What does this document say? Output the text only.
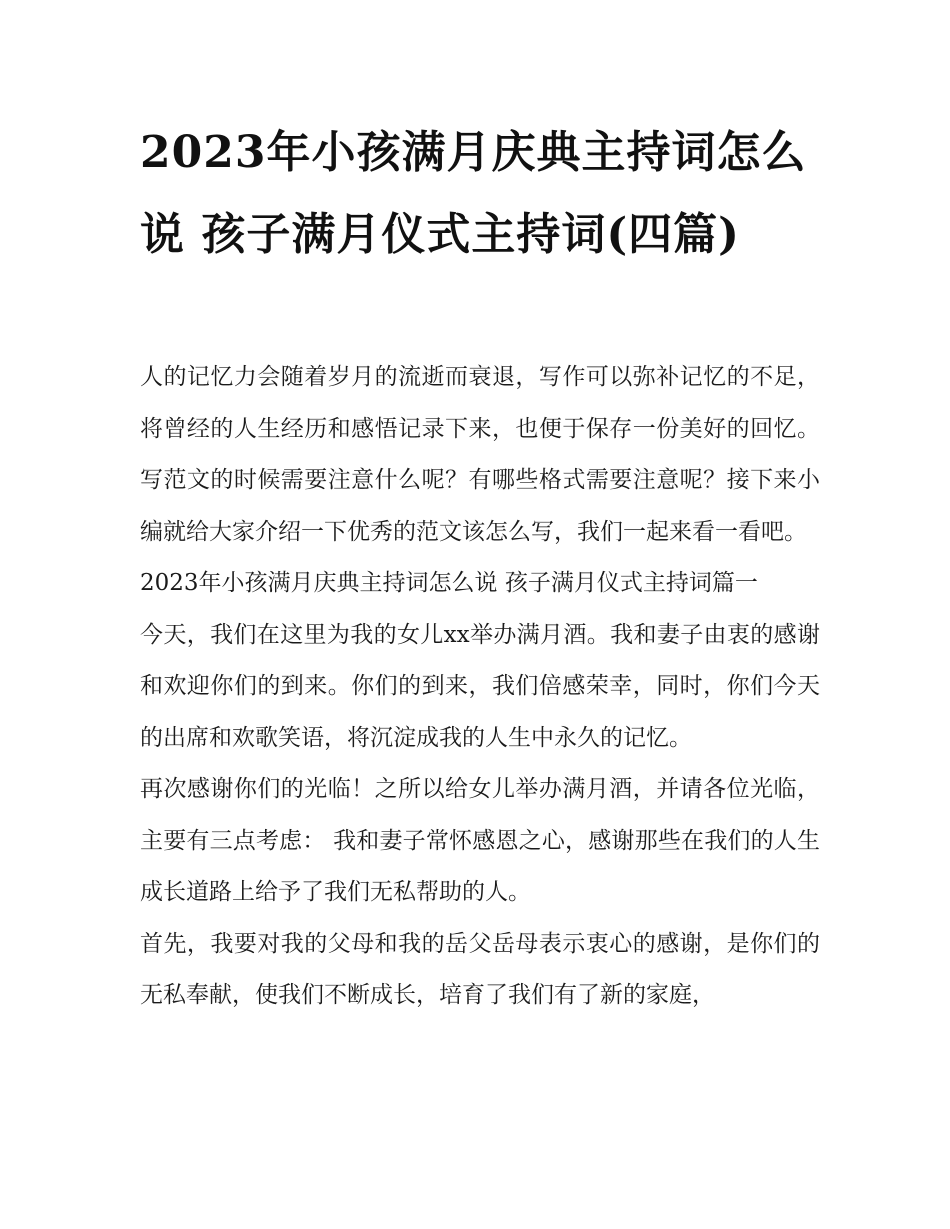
2023年小孩满月庆典主持词怎么说 孩子满月仪式主持词(四篇)

人的记忆力会随着岁月的流逝而衰退，写作可以弥补记忆的不足，将曾经的人生经历和感悟记录下来，也便于保存一份美好的回忆。写范文的时候需要注意什么呢？有哪些格式需要注意呢？接下来小编就给大家介绍一下优秀的范文该怎么写，我们一起来看一看吧。

2023年小孩满月庆典主持词怎么说 孩子满月仪式主持词篇一

今天，我们在这里为我的女儿xx举办满月酒。我和妻子由衷的感谢和欢迎你们的到来。你们的到来，我们倍感荣幸，同时，你们今天的出席和欢歌笑语，将沉淀成我的人生中永久的记忆。

再次感谢你们的光临！之所以给女儿举办满月酒，并请各位光临，主要有三点考虑： 我和妻子常怀感恩之心，感谢那些在我们的人生成长道路上给予了我们无私帮助的人。

首先，我要对我的父母和我的岳父岳母表示衷心的感谢，是你们的无私奉献，使我们不断成长，培育了我们有了新的家庭，
